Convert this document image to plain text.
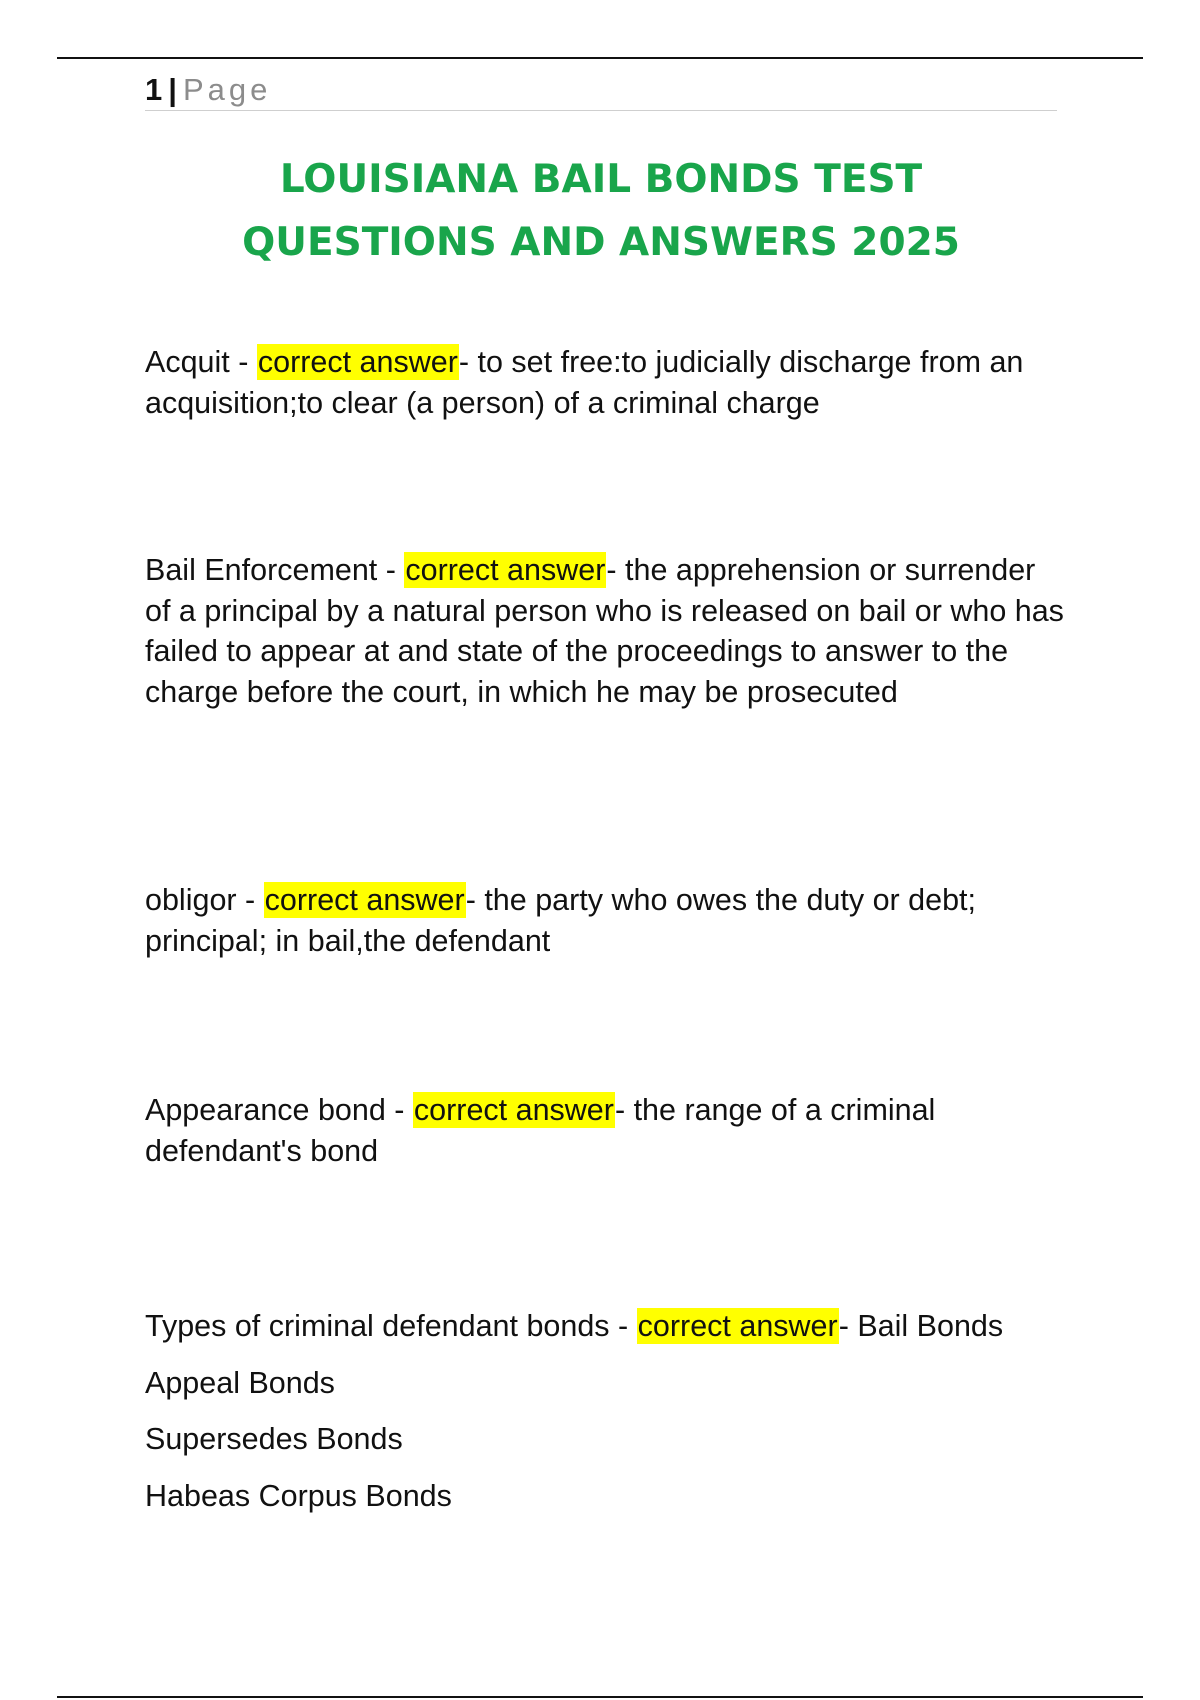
1 | Page
LOUISIANA BAIL BONDS TEST
QUESTIONS AND ANSWERS 2025

Acquit - correct answer- to set free:to judicially discharge from an acquisition;to clear (a person) of a criminal charge

Bail Enforcement - correct answer- the apprehension or surrender of a principal by a natural person who is released on bail or who has failed to appear at and state of the proceedings to answer to the charge before the court, in which he may be prosecuted

obligor - correct answer- the party who owes the duty or debt; principal; in bail,the defendant

Appearance bond - correct answer- the range of a criminal defendant's bond

Types of criminal defendant bonds - correct answer- Bail Bonds
Appeal Bonds
Supersedes Bonds
Habeas Corpus Bonds
